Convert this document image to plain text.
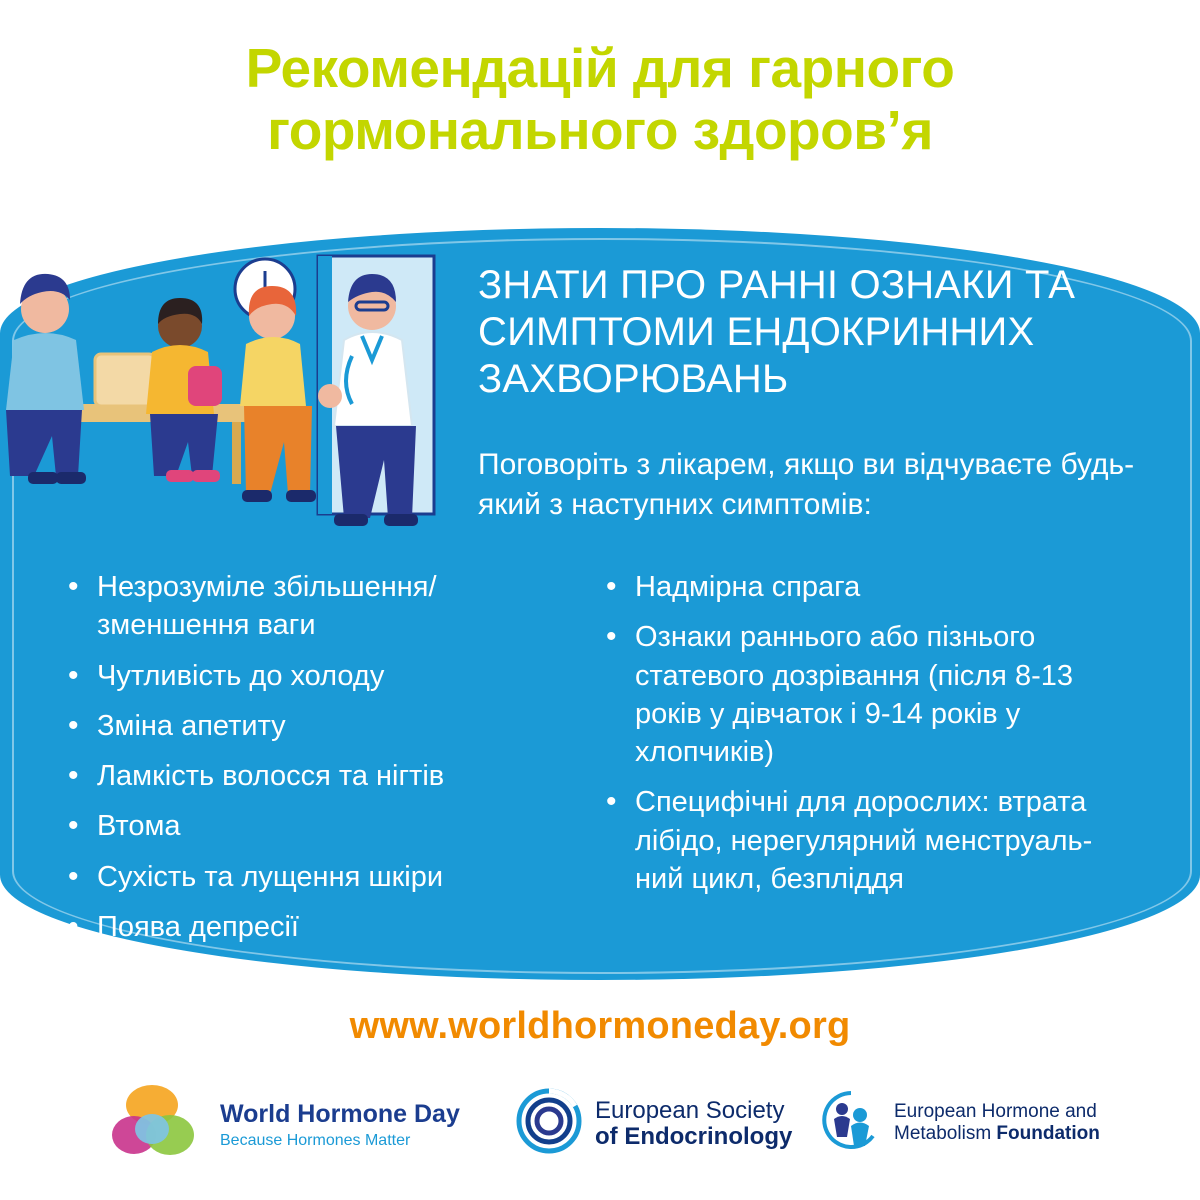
Рекомендацій для гарного
гормонального здоров’я
ЗНАТИ ПРО РАННІ ОЗНАКИ ТА
СИМПТОМИ ЕНДОКРИННИХ
ЗАХВОРЮВАНЬ
Поговоріть з лікарем, якщо ви відчуваєте будь-який з наступних симптомів:
• Незрозуміле збільшення/зменшення ваги
• Чутливість до холоду
• Зміна апетиту
• Ламкість волосся та нігтів
• Втома
• Сухість та лущення шкіри
• Поява депресії
• Надмірна спрага
• Ознаки раннього або пізнього статевого дозрівання (після 8-13 років у дівчаток і 9-14 років у хлопчиків)
• Специфічні для дорослих: втрата лібідо, нерегулярний менструаль-ний цикл, безпліддя
www.worldhormoneday.org
World Hormone Day
Because Hormones Matter
European Society
of Endocrinology
European Hormone and
Metabolism Foundation
